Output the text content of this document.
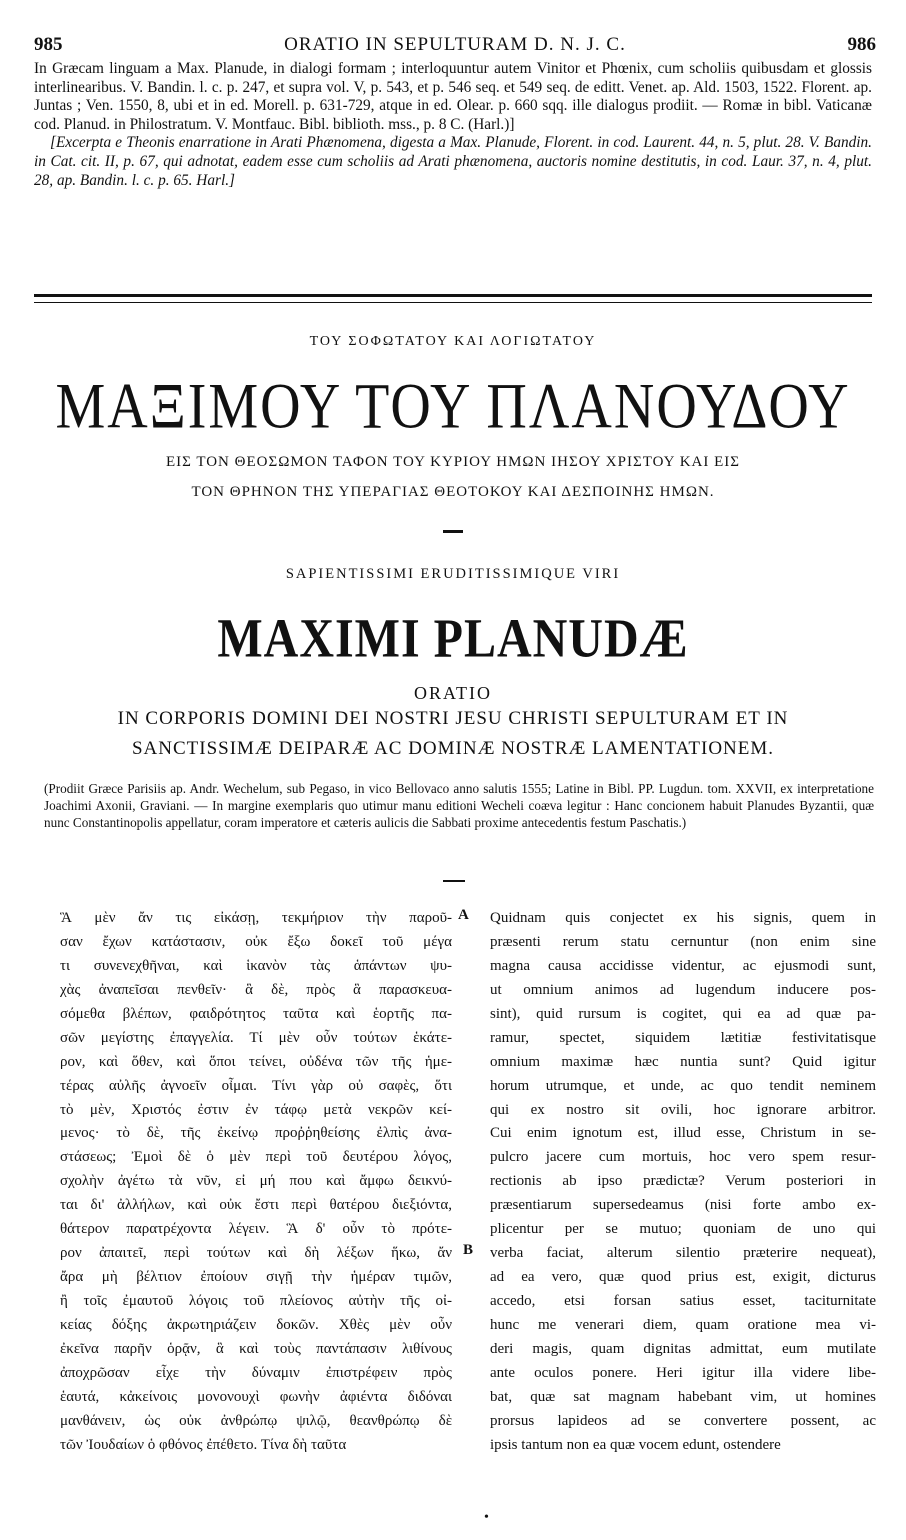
985	ORATIO IN SEPULTURAM D. N. J. C.	986

In Græcam linguam a Max. Planude, in dialogi formam ; interloquuntur autem Vinitor et Phœnix, cum scholiis quibusdam et glossis interlinearibus. V. Bandin. l. c. p. 247, et supra vol. V, p. 543, et p. 546 seq. et 549 seq. de editt. Venet. ap. Ald. 1503, 1522. Florent. ap. Juntas ; Ven. 1550, 8, ubi et in ed. Morell. p. 631-729, atque in ed. Olear. p. 660 sqq. ille dialogus prodiit. — Romæ in bibl. Vaticanæ cod. Planud. in Philostratum. V. Montfauc. Bibl. biblioth. mss., p. 8 C. (Harl.)]

[Excerpta e Theonis enarratione in Arati Phænomena, digesta a Max. Planude, Florent. in cod. Laurent. 44, n. 5, plut. 28. V. Bandin. in Cat. cit. II, p. 67, qui adnotat, eadem esse cum scholiis ad Arati phænomena, auctoris nomine destitutis, in cod. Laur. 37, n. 4, plut. 28, ap. Bandin. l. c. p. 65. Harl.]

ΤΟΥ ΣΟΦΩΤΑΤΟΥ ΚΑΙ ΛΟΓΙΩΤΑΤΟΥ
ΜΑΞΙΜΟΥ ΤΟΥ ΠΛΑΝΟΥΔΟΥ
ΕΙΣ ΤΟΝ ΘΕΟΣΩΜΟΝ ΤΑΦΟΝ ΤΟΥ ΚΥΡΙΟΥ ΗΜΩΝ ΙΗΣΟΥ ΧΡΙΣΤΟΥ ΚΑΙ ΕΙΣ
ΤΟΝ ΘΡΗΝΟΝ ΤΗΣ ΥΠΕΡΑΓΙΑΣ ΘΕΟΤΟΚΟΥ ΚΑΙ ΔΕΣΠΟΙΝΗΣ ΗΜΩΝ.
SAPIENTISSIMI ERUDITISSIMIQUE VIRI
MAXIMI PLANUDÆ
ORATIO
IN CORPORIS DOMINI DEI NOSTRI JESU CHRISTI SEPULTURAM ET IN
SANCTISSIMÆ DEIPARÆ AC DOMINÆ NOSTRÆ LAMENTATIONEM.

(Prodiit Græce Parisiis ap. Andr. Wechelum, sub Pegaso, in vico Bellovaco anno salutis 1555; Latine in Bibl. PP. Lugdun. tom. XXVII, ex interpretatione Joachimi Axonii, Graviani. — In margine exemplaris quo utimur manu editioni Wecheli coæva legitur : Hanc concionem habuit Planudes Byzantii, quæ nunc Constantinopolis appellatur, coram imperatore et cæteris aulicis die Sabbati proxime antecedentis festum Paschatis.)

Ἃ μὲν ἄν τις εἰκάσῃ, τεκμήριον τὴν παροῦ-
σαν ἔχων κατάστασιν, οὐκ ἔξω δοκεῖ τοῦ μέγα
τι συνενεχθῆναι, καὶ ἱκανὸν τὰς ἁπάντων ψυ-
χὰς ἀναπεῖσαι πενθεῖν· ἃ δὲ, πρὸς ἃ παρασκευα-
σόμεθα βλέπων, φαιδρότητος ταῦτα καὶ ἑορτῆς πα-
σῶν μεγίστης ἐπαγγελία. Τί μὲν οὖν τούτων ἑκάτε-
ρον, καὶ ὅθεν, καὶ ὅποι τείνει, οὐδένα τῶν τῆς ἡμε-
τέρας αὐλῆς ἀγνοεῖν οἶμαι. Τίνι γὰρ οὐ σαφὲς, ὅτι
τὸ μὲν, Χριστός ἐστιν ἐν τάφῳ μετὰ νεκρῶν κεί-
μενος· τὸ δὲ, τῆς ἐκείνῳ προῤῥηθείσης ἐλπὶς ἀνα-
στάσεως; Ἐμοὶ δὲ ὁ μὲν περὶ τοῦ δευτέρου λόγος,
σχολὴν ἀγέτω τὰ νῦν, εἰ μή που καὶ ἄμφω δεικνύ-
ται δι' ἀλλήλων, καὶ οὐκ ἔστι περὶ θατέρου διεξιόντα,
θάτερον παρατρέχοντα λέγειν. Ἃ δ' οὖν τὸ πρότε-
ρον ἀπαιτεῖ, περὶ τούτων καὶ δὴ λέξων ἥκω, ἄν
ἄρα μὴ βέλτιον ἐποίουν σιγῇ τὴν ἡμέραν τιμῶν,
ἢ τοῖς ἐμαυτοῦ λόγοις τοῦ πλείονος αὐτὴν τῆς οἰ-
κείας δόξης ἀκρωτηριάζειν δοκῶν. Χθὲς μὲν οὖν
ἐκεῖνα παρῆν ὁρᾷν, ἃ καὶ τοὺς παντάπασιν λιθίνους
ἀποχρῶσαν εἶχε τὴν δύναμιν ἐπιστρέφειν πρὸς
ἑαυτά, κἀκείνοις μονονουχὶ φωνὴν ἀφιέντα διδόναι
μανθάνειν, ὡς οὐκ ἀνθρώπῳ ψιλῷ, θεανθρώπῳ δὲ
τῶν Ἰουδαίων ὁ φθόνος ἐπέθετο. Τίνα δὴ ταῦτα
Quidnam quis conjectet ex his signis, quem in
præsenti rerum statu cernuntur (non enim sine
magna causa accidisse videntur, ac ejusmodi sunt,
ut omnium animos ad lugendum inducere pos-
sint), quid rursum is cogitet, qui ea ad quæ pa-
ramur, spectet, siquidem lætitiæ festivitatisque
omnium maximæ hæc nuntia sunt? Quid igitur
horum utrumque, et unde, ac quo tendit neminem
qui ex nostro sit ovili, hoc ignorare arbitror.
Cui enim ignotum est, illud esse, Christum in se-
pulcro jacere cum mortuis, hoc vero spem resur-
rectionis ab ipso prædictæ? Verum posteriori in
præsentiarum supersedeamus (nisi forte ambo ex-
plicentur per se mutuo; quoniam de uno qui
verba faciat, alterum silentio præterire nequeat),
ad ea vero, quæ quod prius est, exigit, dicturus
accedo, etsi forsan satius esset, taciturnitate
hunc me venerari diem, quam oratione mea vi-
deri magis, quam dignitas admittat, eum mutilate
ante oculos ponere. Heri igitur illa videre libe-
bat, quæ sat magnam habebant vim, ut homines
prorsus lapideos ad se convertere possent, ac
ipsis tantum non ea quæ vocem edunt, ostendere
A
B
•
